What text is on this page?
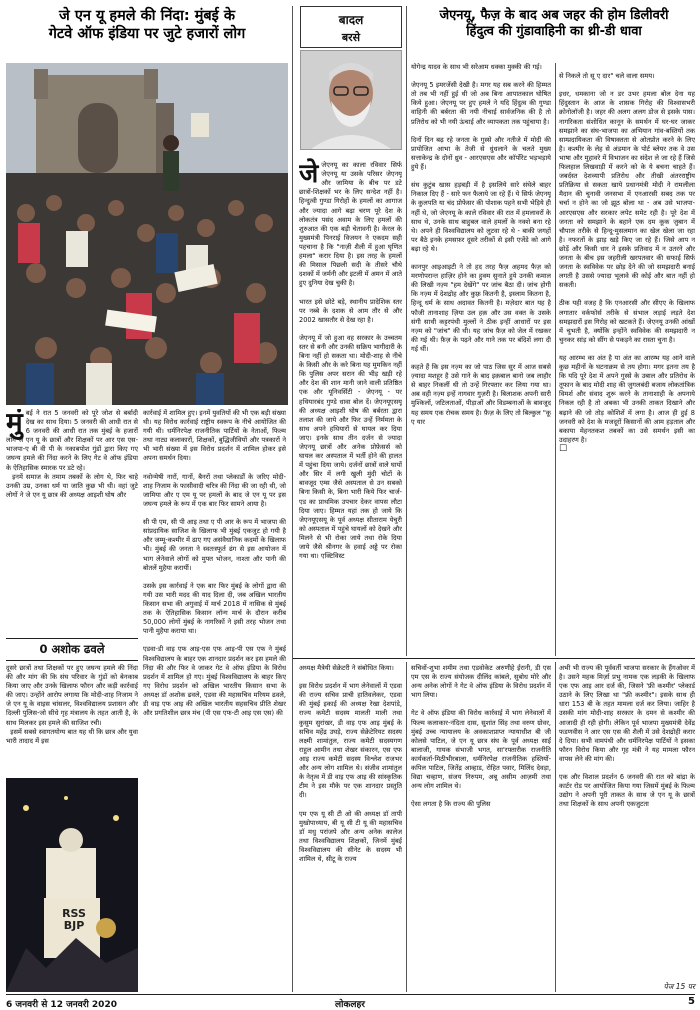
जे एन यू हमले की निंदा: मुंबई के
गेटवे ऑफ इंडिया पर जुटे हजारों लोग
बादल
बरसे
जेएनयू, फैज़ के बाद अब जहर की होम डिलीवरी
हिंदुत्व की गुंडावाहिनी का थ्री-डी धावा
मुंबई ने रात 5 जनवरी को पूरे जोश से बर्बादी देख का साथ दिया। 5 जनवरी की आधी रात से 6 जनवरी की आधी रात तक मुंबई के हजारों लोग जे एन यू के छात्रों और शिक्षकों पर आर एस एस-भाजपा-ए बी वी पी के नकाबपोश गुंडों द्वारा किए गए जघन्य हमले की निंदा करने के लिए गेट वे ऑफ इंडिया के ऐतिहासिक स्मारक पर डटे रहे।
इनमें समाज के तमाम तबकों के लोग थे, फिर चाहे उनकी उम्र, उनका धर्म या जाति कुछ भी थी। वहां जुटे लोगों ने जे एन यू छात्र की अध्यक्ष आइशी घोष और
0 अशोक ढवले
दूसरे छात्रों तथा शिक्षकों पर हुए जघन्य हमले की निंदा की और मांग की कि संघ परिवार के गुंडों को बेनकाब किया जाए और उनके खिलाफ फौरन और कड़ी कार्रवाई की जाए। उन्होंने आरोप लगाया कि मोदी-शाह निजाम ने जे एन यू के वाइस चांसलर, विश्वविद्यालय प्रशासन और दिल्ली पुलिस-जो सीधे गृह मंत्रालय के तहत आती है, के साथ मिलकर इस हमले की साजिश रची।
इसमें सबसे स्वागतयोग्य बात यह थी कि छात्र और युवा भारी तादाद में इस
RSS
BJP
कार्रवाई में शामिल हुए। इनमें युवतियों की भी एक बड़ी संख्या थी। यह विरोध कार्रवाई राष्ट्रीय स्वरूप के नीचे आयोजित की गयी थी। धर्मनिरपेक्ष राजनीतिक पार्टियों के नेताओं, फिल्म तथा नाट्य कलाकारों, शिक्षकों, बुद्धिजीवियों और पत्रकारों ने भी भारी संख्या में इस विरोध प्रदर्शन में शामिल होकर इसे अपना समर्थन दिया।

नवोन्मेषी नारों, गानों, बैनरों तथा प्लेकार्डों के जरिए मोदी-शाह निजाम के फासीवादी चरित्र की निंदा की जा रही थी, जो जामिया और ए एम यू पर हमलों के बाद जे एन यू पर इस जघन्य हमले के रूप में एक बार फिर सामने आया है।

सी पी एम, सी पी आइ तथा ए पी आर के रूप में भाजपा की सांप्रदायिक साजिश के खिलाफ भी मुंबई एकजुट हो गयी है और जम्मू-कश्मीर में ढाए गए असंवैधानिक कदमों के खिलाफ भी। मुंबई की जनता ने स्वतःस्फूर्त ढंग से इस आयोजन में भाग लेनेवाले लोगों को मुफ्त भोजन, नाश्ता और पानी की बोतलें मुहैया करायीं।

उसके इस कार्रवाई ने एक बार फिर मुंबई के लोगों द्वारा की गयी उस भारी मदद की याद दिला दी, जब अखिल भारतीय किसान सभा की अगुवाई में मार्च 2018 में नासिक से मुंबई तक के ऐतिहासिक किसान लॉन्ग मार्च के दौरान करीब 50,000 लोगों मुंबई के नागरिकों ने इसी तरह भोजन तथा पानी मुहैया कराया था।

एडवा-डी वाइ एफ आइ-एस एफ आइ-पी एस एफ ने मुंबई विश्वविद्यालय के बाहर एक शानदार प्रदर्शन कर इस हमले की निंदा की और फिर वे जाकर गेट वे ऑफ इंडिया के विरोध प्रदर्शन में शामिल हो गए। मुंबई विश्वविद्यालय के बाहर किए गए विरोध प्रदर्शन को अखिल भारतीय किसान सभा के अध्यक्ष डाॅ अशोक ढवले, एडवा की महासचिव मरियम ढवले, डी वाइ एफ आइ की अखिल भारतीय सहसचिव प्रीति शेखर और प्रगतिशील छात्र मंच (पी एस एफ-टी आइ एस एस) की

जेजेएनयू का काला रविवार सिर्फ जेएनयू या उसके परिसर जेएनयू और जामिया के बीच पर डटे छात्रों-शिक्षकों भर के लिए सन्देश नहीं है। हिन्दुत्वी गुण्डा गिरोहों के हमलों का आगाज और ज्यादा आगे बढ़ा चरण पूरे देश के लोकतंत्र पसंद अवाम के लिए हमलों की शुरुआत की एक बड़ी चेतावनी है। केरल के मुख्यमंत्री पिनराई विजयन ने एकदम सही पहचाना है कि "नाज़ी शैली में हुआ घृणित हमला" करार दिया है। इस तरह के हमलों की मिसाल पिछली सदी के तीसरे चौथे दशकों में जर्मनी और इटली में अमन में आते हुए दुनिया देख चुकी है।

भारत इसे छोटे बड़े, स्थानीय प्रादेशिक स्तर पर नब्बे के दशक से आम तौर से और 2002 खासतौर से देख रहा है।

जेएनयू में जो हुआ वह सरकार के उच्चतम स्तर से बनी और उनकी सक्रिय भागीदारी के बिना नहीं हो सकता था। मोदी-शाह से नीचे के किसी और के करे बिना यह मुमकिन नहीं कि पुलिस अपर सरान की भीड़ खड़ी रहे और देश की शान मानी जाने वाली प्रतिष्ठित एक और यूनिवर्सिटी - जेएनयू - पर हथियारबंद गुण्डे धावा बोल दें। जेएनयूएसयू की अध्यक्ष आइशी घोष की बर्बरता द्वारा तलाश की जाये और फिर उन्हें निर्ममता के साथ अपने हथियारों से घायल कर दिया जाए। इनके साथ तीन दर्जन से ज्यादा जेएनयू छात्रों और अनेक प्रोफ़ेसर्स को घायल कर अस्पताल में भर्ती होने की हालत में पहुंचा दिया जाये। दर्जनों छात्रों वाले घायों और सिर में लगी खुली मुंदी चोटों के बावजूद एम्स जैसे अस्पताल से उन सबको बिना किसी के, बिना भारी किये फिर चार्ज-एड का प्राथमिक उपचार देकर वापस लौटा दिया जाए। हिम्मत यहां तक हो जाये कि जेएनयूएसयू के पूर्व अध्यक्ष सीताराम येचुरी को अस्पताल में पहुंचे घायलों को देखने और मिलने से भी रोका जाये तथा रोके दिया जाये जैसे श्रीनगर के हवाई अड्डे पर रोका गया था। एक्टिविस्ट

योगेन्द्र यादव के साथ भी सरेआम धक्का मुक्की की गई।

जेएनयू 5 इमरजेंसी देखी है। मगर यह सब करने की हिम्मत तो तब भी नहीं हुई थी जो अब बिना आपातकाल घोषित किये हुआ। जेएनयू पर हुए हमले ने यदि हिंदुत्व की गुण्डा वाहिनी की बर्बरता की नयी नीचाई सार्वजनिक की है तो प्रतिरोध को भी नयी ऊंचाई और व्यापकता तक पहुंचाया है।

दिनों दिन बढ़ रहे जनता के गुस्से और नतीजे में मोदी की प्रायोजित आभा के तेजी से धुंधलाने के चलते मुख्य सत्ताकेन्द्र के दोनों ध्रुव - आरएसएस और कॉर्पोरेट भड़भड़ाये हुये हैं।

संघ कुटुंब खास हड़बड़ी में है इसलिये सारे संघेले बाहर निकाल दिए हैं - सारे फन फैलाये जा रहे हैं। ये सिर्फ जेएनयू के कुलपति या चंद प्रोफेसर की पोशाक पहने सभी भेड़िये ही नहीं थे, जो जेएनयू के काले रविवार की रात में हमलावरों के साथ थे, उनके साथ बाहुबल वाले हमलों के नक्शे बना रहे थे। अपने ही विश्वविद्यालय को लुटवा रहे थे - बाकी जगहों पर बैठे इनके हमसफ़र दूसरे तरीकों से इसी एजेंडे को आगे बढ़ा रहे थे।

कानपुर आइआइटी ने तो हद तरह फैज़ अहमद फैज़ को मरणोपरान्त हाज़िर होने का हुक्म सुनाते हुये उनकी कमाल की लिखी नज़्म "हम देखेंगे" पर जांच बैठा दी। जांच होगी कि नज़्म में देशद्रोह और कुफ़्र कितनी है, इस्लाम कितना है, हिन्दू धर्म के साथ अदावत कितनी है। मज़ेदार बात यह है फौजी तानाशाह ज़िया उल हक़ और उस वक्त के उसके संगी साथी कट्टरपंथी मुल्लों ने ठीक इन्हीं आधारों पर इस नज़्म को "जांच" की थी। यह जांच फ़ैज़ को जेल में रखकर की गई थी। फ़ैज़ के पढ़ने और गाने तक पर बंदिशें लगा दी गई थीं।

कहते हैं कि इस नज़्म का जो पाठ जिस सुर में आज सबसे ज़्यादा मशहूर है उसे गाने के बाद इक़बाल बानो जब लाहौर से बाहर निकलीं थी तो उन्हें गिरफ्तार कर लिया गया था। अब वही नज़्म इन्हें नागवार गुज़री है। बिलाशक अपनी सारी मुश्किलों, जटिलताओं, पीड़ाओं और विडम्बनाओं के बावजूद यह समय एक रोचक समय है। फ़ैज़ के लिए तो बिल्कुल "कू ए यार

से निकले तो सू ए दार" चले वाला समय।

इधर, धमकाना जो न डर उभर हमला बोल देना यह हिंदुस्तान के आज के शासक गिरोह की विश्वासभरी क्रोनोलॉजी है। जहर की अलग अलग डोज से इसके पास। नागरिकता संशोधित कानून के समर्थन में घर-घर जाकर समझाने का संघ-भाजपा का अभियान गांव-बस्तियों तक साम्प्रदायिकता की विषाक्तता से ओतप्रोत करने के लिए है। कश्मीर के लेह से अंडमान के पोर्ट ब्लेयर तक वे उस भाषा और मुहावरे में विभाजन का संदेश ले जा रहे हैं जिसे फिलहाल लिखवाड़ी में करने को के ये बचना चाहते हैं। जबर्दस्त देशव्यापी प्रतिरोध और तीखी अंतरराष्ट्रीय प्रतिक्रिया से सकता खाये प्रधानमंत्री मोदी ने रामलीला मैदान की चुनावी जनसभा में एनआरसी सबद तक पर चर्चा न होने का जो झूठ बोला था - अब उसे भाजपा-आरएसएस और सरकार लपेट समेट रही है। पूरे देश में जनता को समझाने के बहाने एक दम कूक जुबान में चौपाल तरीके से हिन्दू-मुसलमान का खेल खेला जा रहा है। नफरतों के झाड़ खड़े किए जा रहे हैं। जिसे आप न छोड़ें और किसी धार ने इसके प्रतिवाद में न उतरने और जनता के बीच इस जहरीली खरपतवार की सफाई सिर्फ जनता के स्वविवेक पर छोड़ देने की जो समझदारी बनाई लगती है उससे ज्यादा भूलावे की कोई और बात नहीं हो सकती।

ठीक यही वजह है कि एनआरसी और सीएए के खिलाफ लगातार वर्कफोर्स तरीके से संभाल लड़ाई लड़ते देश समझदारों इस गिरोह को खटकते हैं। जेएनयू उनकी आंखों में चुभती है, क्योंकि इन्होंने स्वविवेक की समझदारी न चुनकर सांड़ को सींग से पकड़ने का रास्ता चुना है।

यह आरम्भ का अंत है या अंत का आरम्भ यह आने वाले कुछ महीनों के घटनाक्रम से तय होगा। मगर इतना तय है कि यदि पूरे देश में अपने गुस्से के उबाल और प्रतिरोध के तूफान के बाद मोदी शाह की जुगलबंदी बजाय लोकतांत्रिक विमर्श और संवाद शुरू करने के तानाशाही के अपनाये निकल रही है तो अबका भी उनकी ताकत दिखाने और बढ़ाने की जो तोड़ कोशिशें में लगा है। आज ही हुई 8 जनवरी को देश के मजदूरों किसानों की आम हड़ताल और बकाया मेहनतकश तबकों का उसे समर्थन इसी का उदाहरण है।
☐

अध्यक्ष मैत्रेयी सेक्रेटरी ने संबोधित किया।

इस विरोध प्रदर्शन में भाग लेनेवालों में एडवा की राज्य सचिव प्राची हातिवलेकर, एडवा की मुंबई इकाई की अध्यक्ष रेखा देशपांडे, राज्य कमेटी सदस्य मालती माली तथा कुसुम सुरांखर, डी वाइ एफ आइ मुंबई के सचिव महेंद्र उघड़े, राज्य सेक्रेटेरियट सदस्य लक्ष्मी शामांतुल, राज्य कमेटी सदस्यगण राहुल आमीन तथा शेखर संकारन, एस एफ आइ राज्य कमेटी सदस्य विश्लेश राजभर और अन्य लोग शामिल थे। संजीव शामांतुल के नेतृत्व में डी वाइ एफ आइ की सांस्कृतिक टीम ने इस मौके पर एक शानदार प्रस्तुति दी।

एम एफ यू सी टी ओ की अध्यक्ष डाॅ तापी मुखोपाध्याय, बी यू सी टी यू की महासचिव डाॅ मधु परांजपे और अन्य अनेक कालेज तथा विश्वविद्यालय शिक्षकों, जिनमें मुंबई विश्वविद्यालय की सीनेट के सदस्य भी शामिल थे, सीटू के राज्य
सचिवों-शुभा शमीम तथा एडवोकेट अरुणीहे ईरानी, डी एस एम एस के राज्य संयोजक दीलिंद कांबले, सुबोध मोरे और अन्य अनेक लोगों ने गेट वे ऑफ इंडिया के विरोध प्रदर्शन में भाग लिया।

गेट वे ऑफ इंडिया की विरोध कार्रवाई में भाग लेनेवालों में फिल्म कलाकार-नंदिता दास, सुशांत सिंह तथा वरुण ग्रोवर, मुंबई उच्च न्यायालय के अवकाशप्राप्त न्यायाधीश बी जी कोलसे पाटिल, जे एन यू छात्र संघ के पूर्व अध्यक्ष साईं बालाजी, गायक संभाजी भगत, सा'रफ्तारीक राजनीति कार्यकर्ता-मिठीभीरबाला, धर्मनिरपेक्ष राजनीतिक हस्तियों-कपिल पाटिल, जितेंद्र आव्हाड, रोहित पवार, मिलिंद देवड़ा, विद्या चव्हाण, संजय निरुपम, अबू असीम आज़मी तथा अन्य लोग शामिल थे।

ऐसा लगता है कि राज्य की पुलिस
अभी भी राज्य की पूर्ववर्ती भाजपा सरकार के हैंगओवर में है। उसने महक मिर्ज़ा प्रभु नामक एक लड़की के खिलाफ एक एफ आइ आर दर्ज की, जिसने 'फ्री कश्मीर' प्लेकार्ड उठाने के लिए लिखा था "फ्री कश्मीर"। इसके साथ ही धारा 153 बी के तहत मामला दर्ज कर लिया। जाहिर है उसकी मांग मोदी-शाह सरकार के दमन से कश्मीर की आजादी ही रही होगी। लेकिन पूर्व भाजपा मुख्यमंत्री देवेंद्र फडणवीस ने आर एस एस की शैली में उसे देशद्रोही करार दे दिया। सभी वामपंथी और धर्मनिरपेक्ष पार्टियों ने इसका फौरन विरोध किया और गृह मंत्री ने यह मामला फौरन वापस लेने की मांग की।

एक और विशाल प्रदर्शन 6 जनवरी की रात को बांद्रा के कार्टर रोड पर आयोजित किया गया जिसमें मुंबई के फिल्म उद्योग ने अपनी पूरी ताकत के साथ जे एन यू के छात्रों तथा शिक्षकों के साथ अपनी एकजुटता
पेज 15 पर
6 जनवरी से 12 जनवरी 2020	लोकलहर	5
